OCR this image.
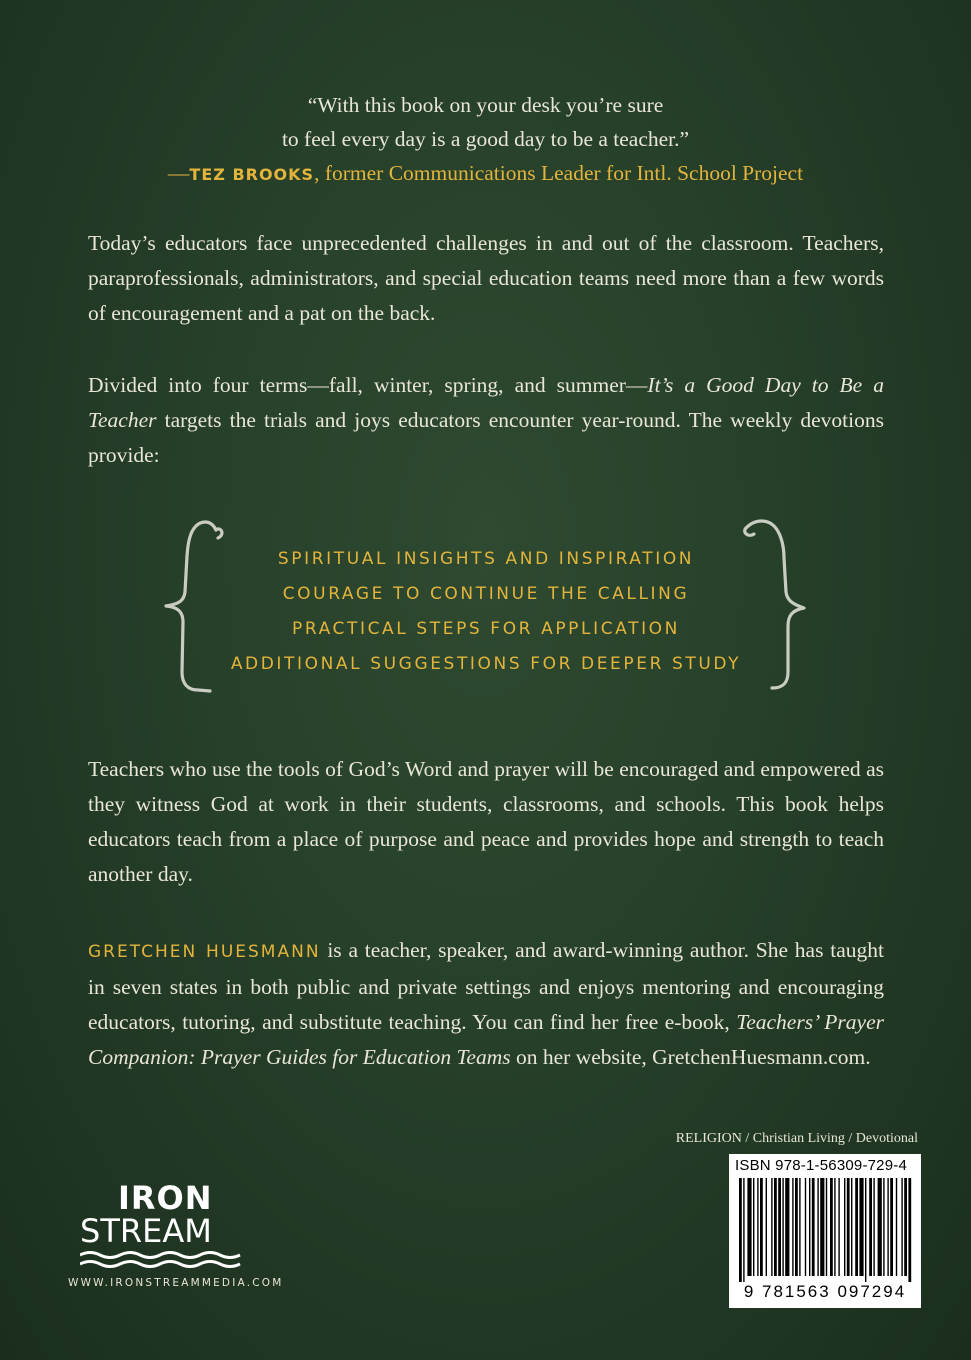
“With this book on your desk you’re sure
to feel every day is a good day to be a teacher.”
—TEZ BROOKS, former Communications Leader for Intl. School Project

Today’s educators face unprecedented challenges in and out of the classroom. Teachers, paraprofessionals, administrators, and special education teams need more than a few words of encouragement and a pat on the back.

Divided into four terms—fall, winter, spring, and summer—It’s a Good Day to Be a Teacher targets the trials and joys educators encounter year-round. The weekly devotions provide:

SPIRITUAL INSIGHTS AND INSPIRATION
COURAGE TO CONTINUE THE CALLING
PRACTICAL STEPS FOR APPLICATION
ADDITIONAL SUGGESTIONS FOR DEEPER STUDY

Teachers who use the tools of God’s Word and prayer will be encouraged and empowered as they witness God at work in their students, classrooms, and schools. This book helps educators teach from a place of purpose and peace and provides hope and strength to teach another day.

GRETCHEN HUESMANN is a teacher, speaker, and award-winning author. She has taught in seven states in both public and private settings and enjoys mentoring and encouraging educators, tutoring, and substitute teaching. You can find her free e-book, Teachers’ Prayer Companion: Prayer Guides for Education Teams on her website, GretchenHuesmann.com.

RELIGION / Christian Living / Devotional
ISBN 978-1-56309-729-4
9 781563 097294
IRON
STREAM
WWW.IRONSTREAMMEDIA.COM
